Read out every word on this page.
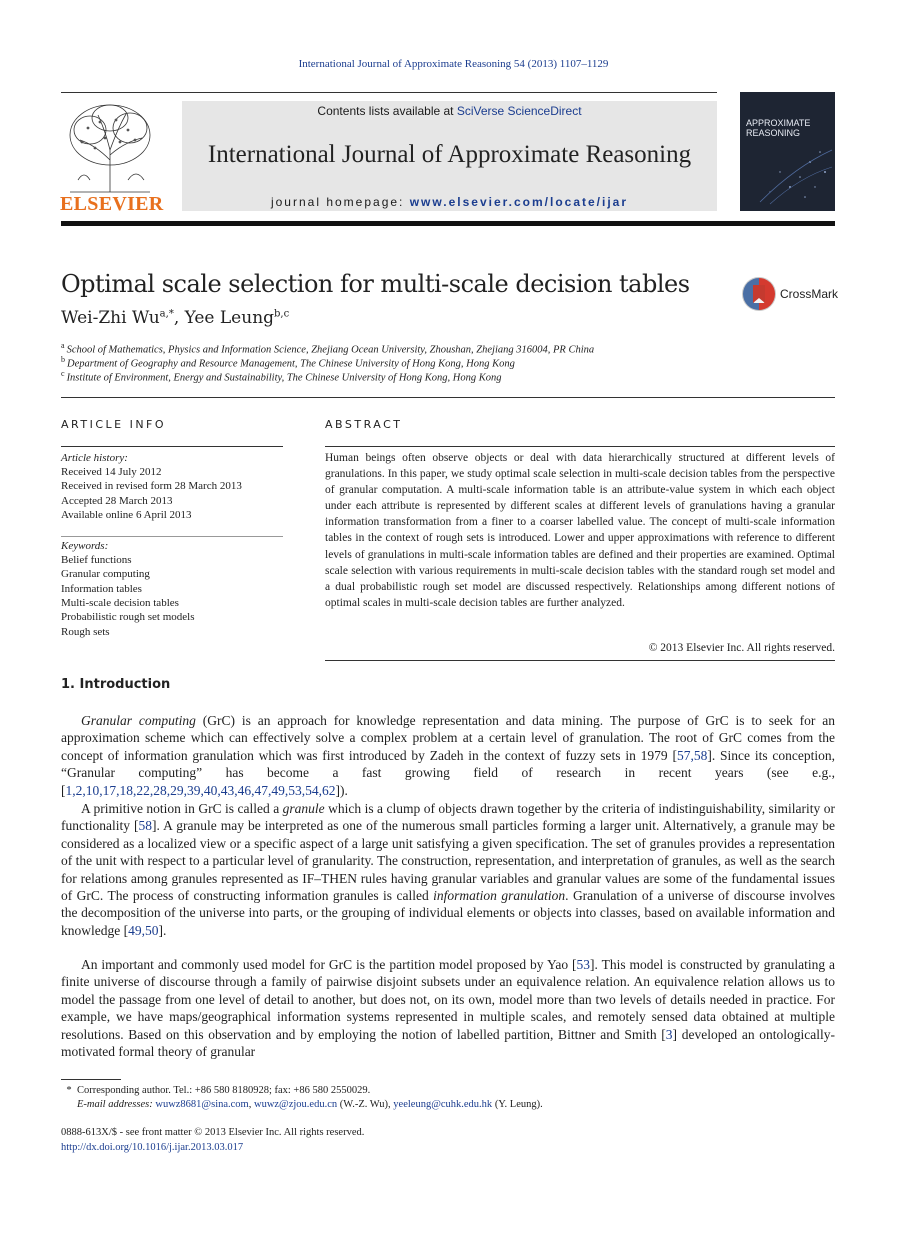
International Journal of Approximate Reasoning 54 (2013) 1107–1129
ELSEVIER
Contents lists available at SciVerse ScienceDirect
International Journal of Approximate Reasoning
journal homepage: www.elsevier.com/locate/ijar
APPROXIMATE
REASONING
Optimal scale selection for multi-scale decision tables	CrossMark
Wei-Zhi $Wu^{a,*}$, Yee Leung$^{b,c}$
$^a$ School of Mathematics, Physics and Information Science, Zhejiang Ocean University, Zhoushan, Zhejiang 316004, PR China
$^b$ Department of Geography and Resource Management, The Chinese University of Hong Kong, Hong Kong
$^c$ Institute of Environment, Energy and Sustainability, The Chinese University of Hong Kong, Hong Kong
ARTICLE INFO	ABSTRACT
Article history:
Received 14 July 2012
Received in revised form 28 March 2013
Accepted 28 March 2013
Available online 6 April 2013
Keywords:
Belief functions
Granular computing
Information tables
Multi-scale decision tables
Probabilistic rough set models
Rough sets
Human beings often observe objects or deal with data hierarchically structured at different levels of granulations. In this paper, we study optimal scale selection in multi-scale decision tables from the perspective of granular computation. A multi-scale information table is an attribute-value system in which each object under each attribute is represented by different scales at different levels of granulations having a granular information transformation from a finer to a coarser labelled value. The concept of multi-scale information tables in the context of rough sets is introduced. Lower and upper approximations with reference to different levels of granulations in multi-scale information tables are defined and their properties are examined. Optimal scale selection with various requirements in multi-scale decision tables with the standard rough set model and a dual probabilistic rough set model are discussed respectively. Relationships among different notions of optimal scales in multi-scale decision tables are further analyzed.
© 2013 Elsevier Inc. All rights reserved.
1. Introduction
Granular computing (GrC) is an approach for knowledge representation and data mining. The purpose of GrC is to seek for an approximation scheme which can effectively solve a complex problem at a certain level of granulation. The root of GrC comes from the concept of information granulation which was first introduced by Zadeh in the context of fuzzy sets in 1979 [57,58]. Since its conception, “Granular computing” has become a fast growing field of research in recent years (see e.g., [1,2,10,17,18,22,28,29,39,40,43,46,47,49,53,54,62]).
A primitive notion in GrC is called a granule which is a clump of objects drawn together by the criteria of indistinguishability, similarity or functionality [58]. A granule may be interpreted as one of the numerous small particles forming a larger unit. Alternatively, a granule may be considered as a localized view or a specific aspect of a large unit satisfying a given specification. The set of granules provides a representation of the unit with respect to a particular level of granularity. The construction, representation, and interpretation of granules, as well as the search for relations among granules represented as IF–THEN rules having granular variables and granular values are some of the fundamental issues of GrC. The process of constructing information granules is called information granulation. Granulation of a universe of discourse involves the decomposition of the universe into parts, or the grouping of individual elements or objects into classes, based on available information and knowledge [49,50].
An important and commonly used model for GrC is the partition model proposed by Yao [53]. This model is constructed by granulating a finite universe of discourse through a family of pairwise disjoint subsets under an equivalence relation. An equivalence relation allows us to model the passage from one level of detail to another, but does not, on its own, model more than two levels of details needed in practice. For example, we have maps/geographical information systems represented in multiple scales, and remotely sensed data obtained at multiple resolutions. Based on this observation and by employing the notion of labelled partition, Bittner and Smith [3] developed an ontologically-motivated formal theory of granular
* Corresponding author. Tel.: +86 580 8180928; fax: +86 580 2550029.
E-mail addresses: wuwz8681@sina.com, wuwz@zjou.edu.cn (W.-Z. Wu), yeeleung@cuhk.edu.hk (Y. Leung).
0888-613X/$ - see front matter © 2013 Elsevier Inc. All rights reserved.
http://dx.doi.org/10.1016/j.ijar.2013.03.017
